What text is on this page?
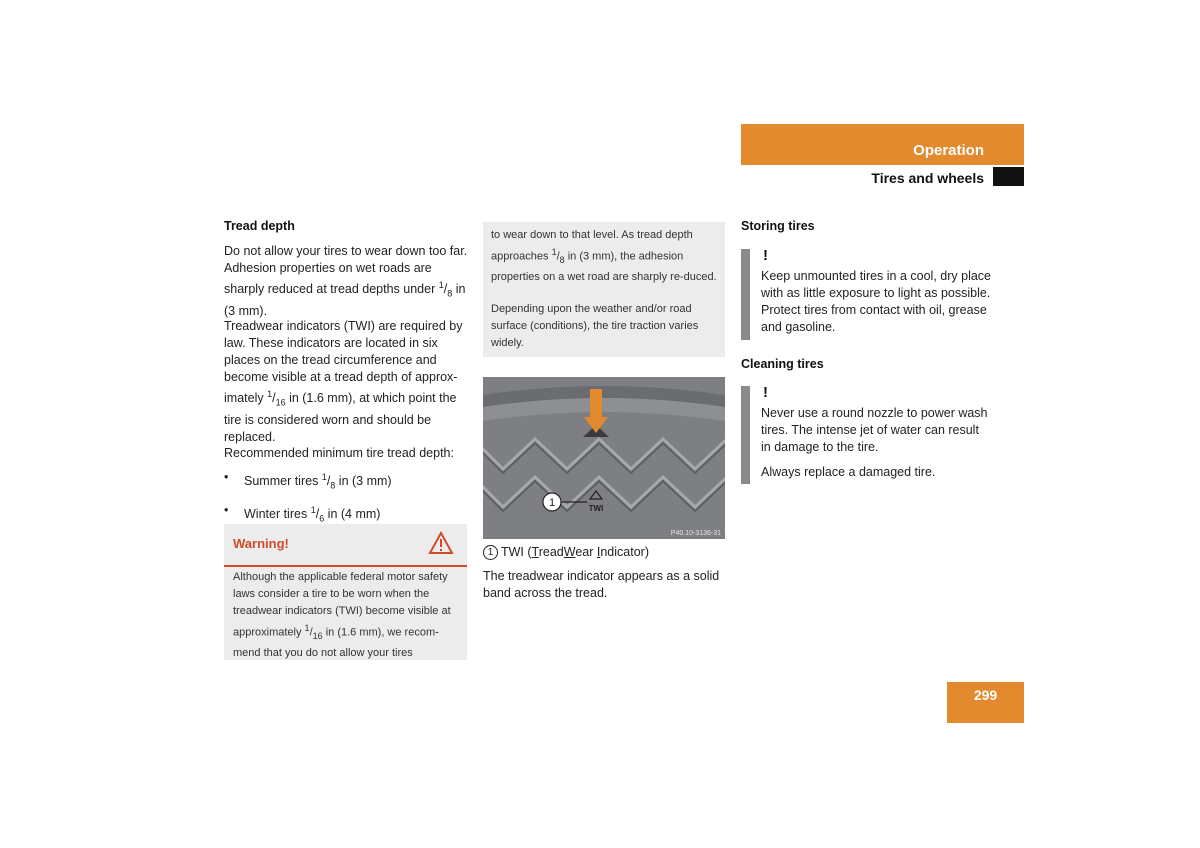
Operation
Tires and wheels
Tread depth
Do not allow your tires to wear down too far. Adhesion properties on wet roads are sharply reduced at tread depths under $^1/_8$ in (3 mm).
Treadwear indicators (TWI) are required by law. These indicators are located in six places on the tread circumference and become visible at a tread depth of approx-imately $^1/_{16}$ in (1.6 mm), at which point the tire is considered worn and should be replaced.
Recommended minimum tire tread depth:
•	Summer tires $^1/_8$ in (3 mm)
•	Winter tires $^1/_6$ in (4 mm)
Warning!
Although the applicable federal motor safety laws consider a tire to be worn when the treadwear indicators (TWI) become visible at approximately $^1/_{16}$ in (1.6 mm), we recom-mend that you do not allow your tires
to wear down to that level. As tread depth approaches $^1/_8$ in (3 mm), the adhesion properties on a wet road are sharply re-duced.
Depending upon the weather and/or road surface (conditions), the tire traction varies widely.
1	TWI
P40.10-3136-31
1 TWI (TreadWear Indicator)
The treadwear indicator appears as a solid band across the tread.
Storing tires
!
Keep unmounted tires in a cool, dry place with as little exposure to light as possible. Protect tires from contact with oil, grease and gasoline.
Cleaning tires
!
Never use a round nozzle to power wash tires. The intense jet of water can result in damage to the tire.
Always replace a damaged tire.
299
